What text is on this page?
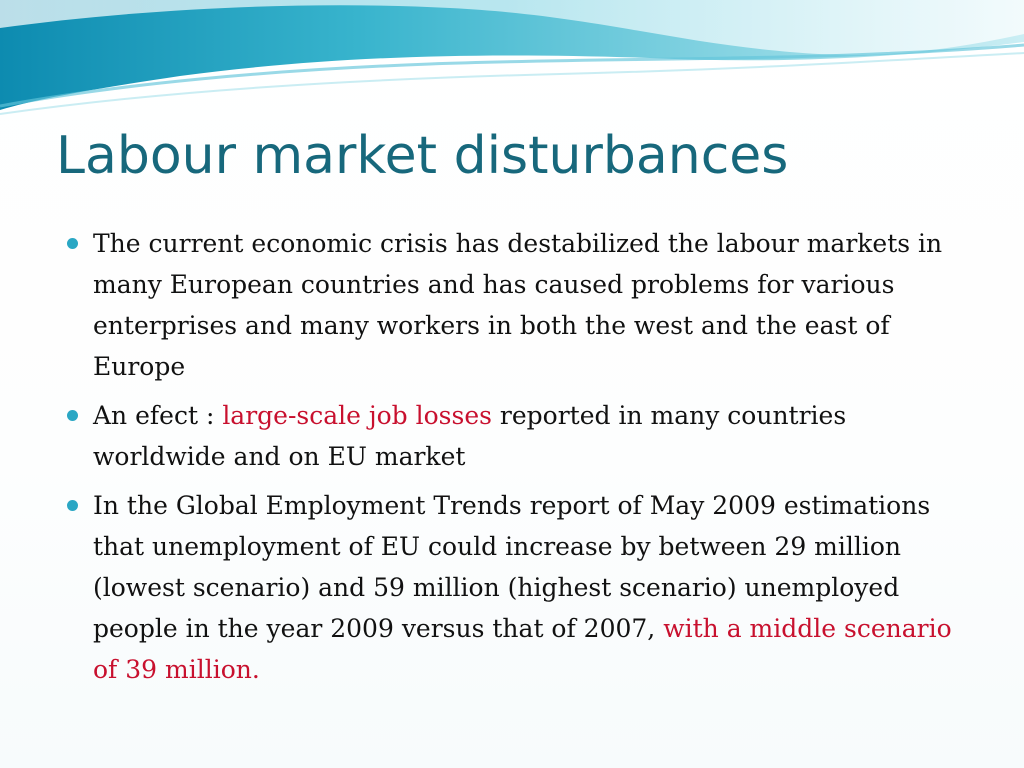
Labour market disturbances
The current economic crisis has destabilized the labour markets in many European countries and has caused problems for various enterprises and many workers in both the west and the east of Europe
An efect : large-scale job losses reported in many countries worldwide and on EU market
In the Global Employment Trends report of May 2009 estimations that unemployment of EU could increase by between 29 million (lowest scenario) and 59 million (highest scenario) unemployed people in the year 2009 versus that of 2007, with a middle scenario of 39 million.
